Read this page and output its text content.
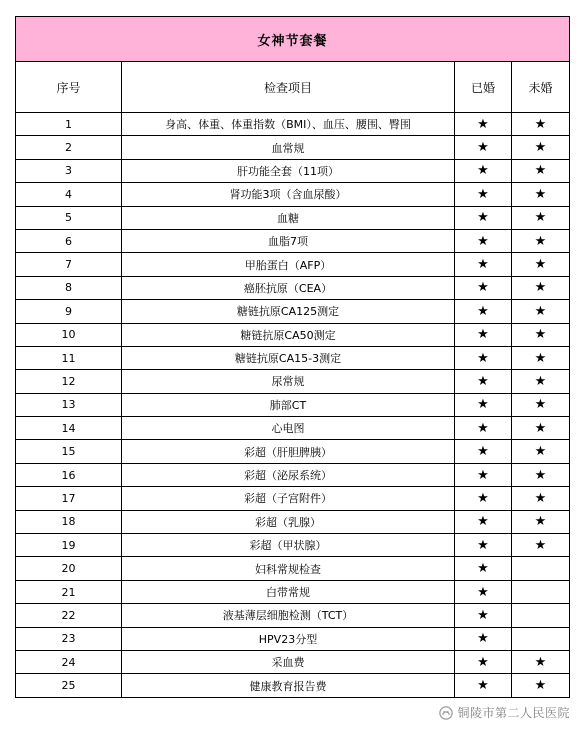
女神节套餐			
序号	检查项目	已婚	未婚
1	身高、体重、体重指数（BMI）、血压、腰围、臀围	★	★
2	血常规	★	★
3	肝功能全套（11项）	★	★
4	肾功能3项（含血尿酸）	★	★
5	血糖	★	★
6	血脂7项	★	★
7	甲胎蛋白（AFP）	★	★
8	癌胚抗原（CEA）	★	★
9	糖链抗原CA125测定	★	★
10	糖链抗原CA50测定	★	★
11	糖链抗原CA15-3测定	★	★
12	尿常规	★	★
13	肺部CT	★	★
14	心电图	★	★
15	彩超（肝胆脾胰）	★	★
16	彩超（泌尿系统）	★	★
17	彩超（子宫附件）	★	★
18	彩超（乳腺）	★	★
19	彩超（甲状腺）	★	★
20	妇科常规检查	★	
21	白带常规	★	
22	液基薄层细胞检测（TCT）	★	
23	HPV23分型	★	
24	采血费	★	★
25	健康教育报告费	★	★
铜陵市第二人民医院
